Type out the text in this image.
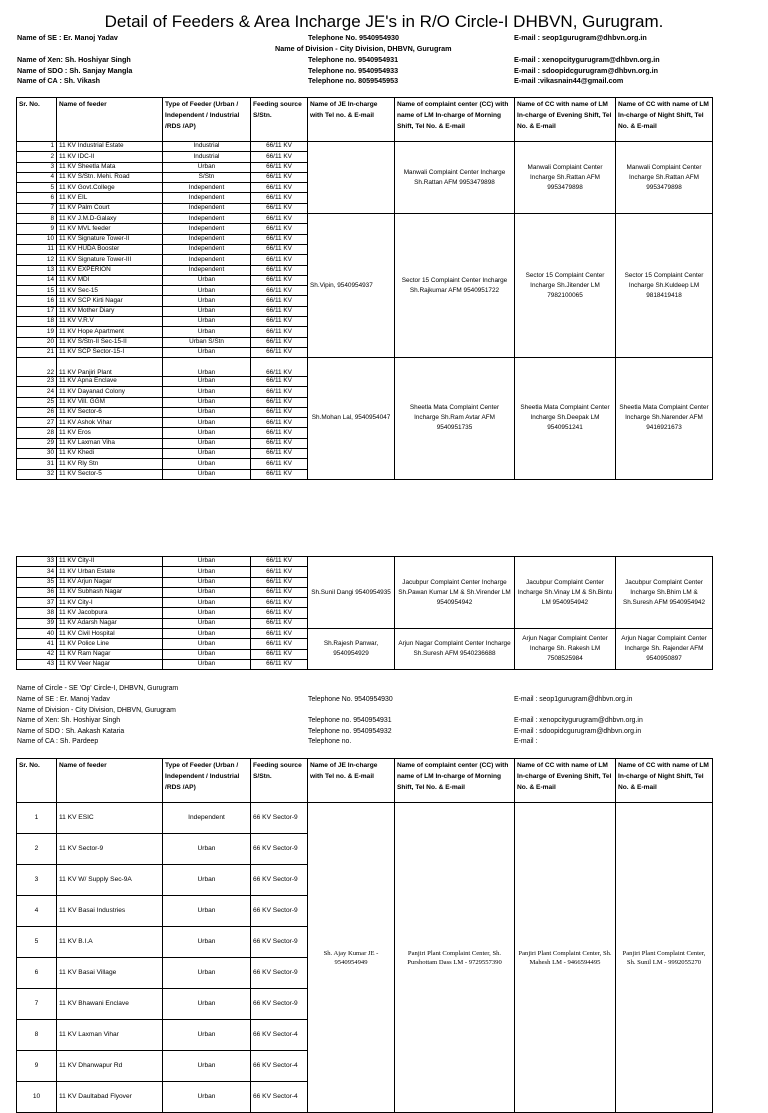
Detail of Feeders & Area Incharge JE's in R/O Circle-I DHBVN, Gurugram.
Name of SE : Er. Manoj Yadav	Telephone No. 9540954930	E-mail : seop1gurugram@dhbvn.org.in
Name of Division - City Division, DHBVN, Gurugram
Name of Xen: Sh. Hoshiyar Singh	Telephone no. 9540954931	E-mail : xenopcitygurugram@dhbvn.org.in
Name of SDO : Sh. Sanjay Mangla	Telephone no. 9540954933	E-mail : sdoopidcgurugram@dhbvn.org.in
Name of CA : Sh. Vikash	Telephone no. 8059545953	E-mail :vikasnain44@gmail.com
Sr. No.	Name of feeder	Type of Feeder (Urban / Independent / Industrial /RDS /AP)	Feeding source S/Stn.	Name of JE In-charge with Tel no. & E-mail	Name of complaint center (CC) with name of LM In-charge of Morning Shift, Tel No. & E-mail	Name of CC with name of LM In-charge of Evening Shift, Tel No. & E-mail	Name of CC with name of LM In-charge of Night Shift, Tel No. & E-mail
1	11 KV Industrial Estate	Industrial	66/11 KV		Manwali Complaint Center Incharge Sh.Rattan AFM 9953479898	Manwali Complaint Center Incharge Sh.Rattan AFM 9953479898	Manwali Complaint Center Incharge Sh.Rattan AFM 9953479898
2	11 KV IDC-II	Industrial	66/11 KV				
3	11 KV Sheetla Mata	Urban	66/11 KV				
4	11 KV S/Stn. Mehi. Road	S/Stn	66/11 KV				
5	11 KV Govt.College	Independent	66/11 KV				
6	11 KV EIL	Independent	66/11 KV				
7	11 KV Palm Court	Independent	66/11 KV				
8	11 KV J.M.D-Galaxy	Independent	66/11 KV	Sh.Vipin, 9540954937	Sector 15 Complaint Center Incharge Sh.Rajkumar AFM 9540951722	Sector 15 Complaint Center Incharge Sh.Jitender LM 7982100065	Sector 15 Complaint Center Incharge Sh.Kuldeep LM 9818419418
9	11 KV MVL feeder	Independent	66/11 KV				
10	11 KV Signature Tower-II	Independent	66/11 KV				
11	11 KV HUDA Booster	Independent	66/11 KV				
12	11 KV Signature Tower-III	Independent	66/11 KV				
13	11 KV EXPERION	Independent	66/11 KV				
14	11 KV MDI	Urban	66/11 KV				
15	11 KV Sec-15	Urban	66/11 KV				
16	11 KV SCP Kirti Nagar	Urban	66/11 KV				
17	11 KV Mother Diary	Urban	66/11 KV				
18	11 KV V.R.V	Urban	66/11 KV				
19	11 KV Hope Apartment	Urban	66/11 KV				
20	11 KV S/Stn-II Sec-15-II	Urban S/Stn	66/11 KV				
21	11 KV SCP Sector-15-I	Urban	66/11 KV				
22	11 KV Panjiri Plant	Urban	66/11 KV	Sh.Mohan Lal, 9540954047	Sheetla Mata Complaint Center Incharge Sh.Ram Avtar AFM 9540951735	Sheetla Mata Complaint Center Incharge Sh.Deepak LM 9540951241	Sheetla Mata Complaint Center Incharge Sh.Narender AFM 9416921673
23	11 KV Apna Enclave	Urban	66/11 KV				
24	11 KV Dayanad Colony	Urban	66/11 KV				
25	11 KV Vill. GGM	Urban	66/11 KV				
26	11 KV Sector-6	Urban	66/11 KV				
27	11 KV Ashok Vihar	Urban	66/11 KV				
28	11 KV Eros	Urban	66/11 KV				
29	11 KV Laxman Viha	Urban	66/11 KV				
30	11 KV Khedi	Urban	66/11 KV				
31	11 KV Rly Stn	Urban	66/11 KV				
32	11 KV Sector-5	Urban	66/11 KV				
33	11 KV City-II	Urban	66/11 KV	Sh.Sunil Dangi 9540954935	Jacubpur Complaint Center Incharge Sh.Pawan Kumar LM & Sh.Virender LM 9540954942	Jacubpur Complaint Center Incharge Sh.Vinay LM & Sh.Bintu LM 9540954942	Jacubpur Complaint Center Incharge Sh.Bhim LM & Sh.Suresh AFM 9540954942
34	11 KV Urban Estate	Urban	66/11 KV				
35	11 KV Arjun Nagar	Urban	66/11 KV				
36	11 KV Subhash Nagar	Urban	66/11 KV				
37	11 KV City-I	Urban	66/11 KV				
38	11 KV Jacobpura	Urban	66/11 KV				
39	11 KV Adarsh Nagar	Urban	66/11 KV				
40	11 KV Civil Hospital	Urban	66/11 KV	Sh.Rajesh Panwar, 9540954929	Arjun Nagar Complaint Center Incharge Sh.Suresh AFM 9540236688	Arjun Nagar Complaint Center Incharge Sh. Rakesh LM 7508525984	Arjun Nagar Complaint Center Incharge Sh. Rajender AFM 9540950897
41	11 KV Police Line	Urban	66/11 KV				
42	11 KV Ram Nagar	Urban	66/11 KV				
43	11 KV Veer Nagar	Urban	66/11 KV				
Name of Circle - SE 'Op' Circle-I, DHBVN, Gurugram
Name of SE : Er. Manoj Yadav	Telephone No. 9540954930	E-mail : seop1gurugram@dhbvn.org.in
Name of Division - City Division, DHBVN, Gurugram
Name of Xen: Sh. Hoshiyar Singh	Telephone no. 9540954931	E-mail : xenopcitygurugram@dhbvn.org.in
Name of SDO : Sh. Aakash Kataria	Telephone no. 9540954932	E-mail : sdoopidcgurugram@dhbvn.org.in
Name of CA : Sh. Pardeep	Telephone no.	E-mail :
Sr. No.	Name of feeder	Type of Feeder (Urban / Independent / Industrial /RDS /AP)	Feeding source S/Stn.	Name of JE In-charge with Tel no. & E-mail	Name of complaint center (CC) with name of LM In-charge of Morning Shift, Tel No. & E-mail	Name of CC with name of LM In-charge of Evening Shift, Tel No. & E-mail	Name of CC with name of LM In-charge of Night Shift, Tel No. & E-mail
1	11 KV ESIC	Independent	66 KV Sector-9	Sh. Ajay Kumar JE - 9540954949	Panjiri Plant Complaint Center, Sh. Purshottam Dass LM - 9729557390	Panjiri Plant Complaint Center, Sh. Mahesh LM - 9466594495	Panjiri Plant Complaint Center, Sh. Sunil LM - 9992055270
2	11 KV Sector-9	Urban	66 KV Sector-9				
3	11 KV W/ Supply Sec-9A	Urban	66 KV Sector-9				
4	11 KV Basai Industries	Urban	66 KV Sector-9				
5	11 KV B.I.A	Urban	66 KV Sector-9				
6	11 KV Basai Village	Urban	66 KV Sector-9				
7	11 KV Bhawani Enclave	Urban	66 KV Sector-9				
8	11 KV Laxman Vihar	Urban	66 KV Sector-4				
9	11 KV Dhanwapur Rd	Urban	66 KV Sector-4				
10	11 KV Daultabad Flyover	Urban	66 KV Sector-4				
